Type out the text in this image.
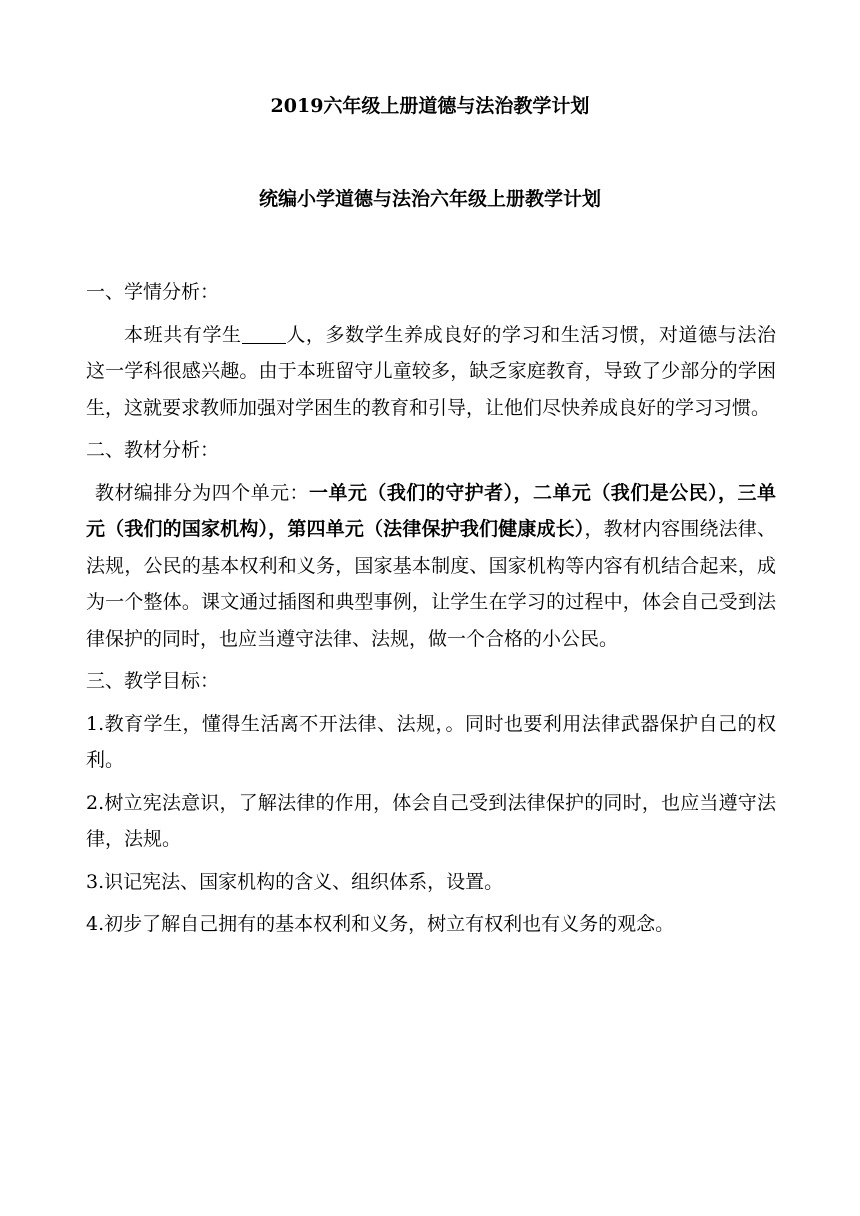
2019六年级上册道德与法治教学计划
统编小学道德与法治六年级上册教学计划

一、学情分析：

本班共有学生 人，多数学生养成良好的学习和生活习惯，对道德与法治这一学科很感兴趣。由于本班留守儿童较多，缺乏家庭教育，导致了少部分的学困生，这就要求教师加强对学困生的教育和引导，让他们尽快养成良好的学习习惯。

二、教材分析：

教材编排分为四个单元：一单元（我们的守护者），二单元（我们是公民），三单元（我们的国家机构），第四单元（法律保护我们健康成长），教材内容围绕法律、法规，公民的基本权利和义务，国家基本制度、国家机构等内容有机结合起来，成为一个整体。课文通过插图和典型事例，让学生在学习的过程中，体会自己受到法律保护的同时，也应当遵守法律、法规，做一个合格的小公民。

三、教学目标：

1.教育学生，懂得生活离不开法律、法规，。同时也要利用法律武器保护自己的权利。

2.树立宪法意识，了解法律的作用，体会自己受到法律保护的同时，也应当遵守法律，法规。

3.识记宪法、国家机构的含义、组织体系，设置。

4.初步了解自己拥有的基本权利和义务，树立有权利也有义务的观念。
